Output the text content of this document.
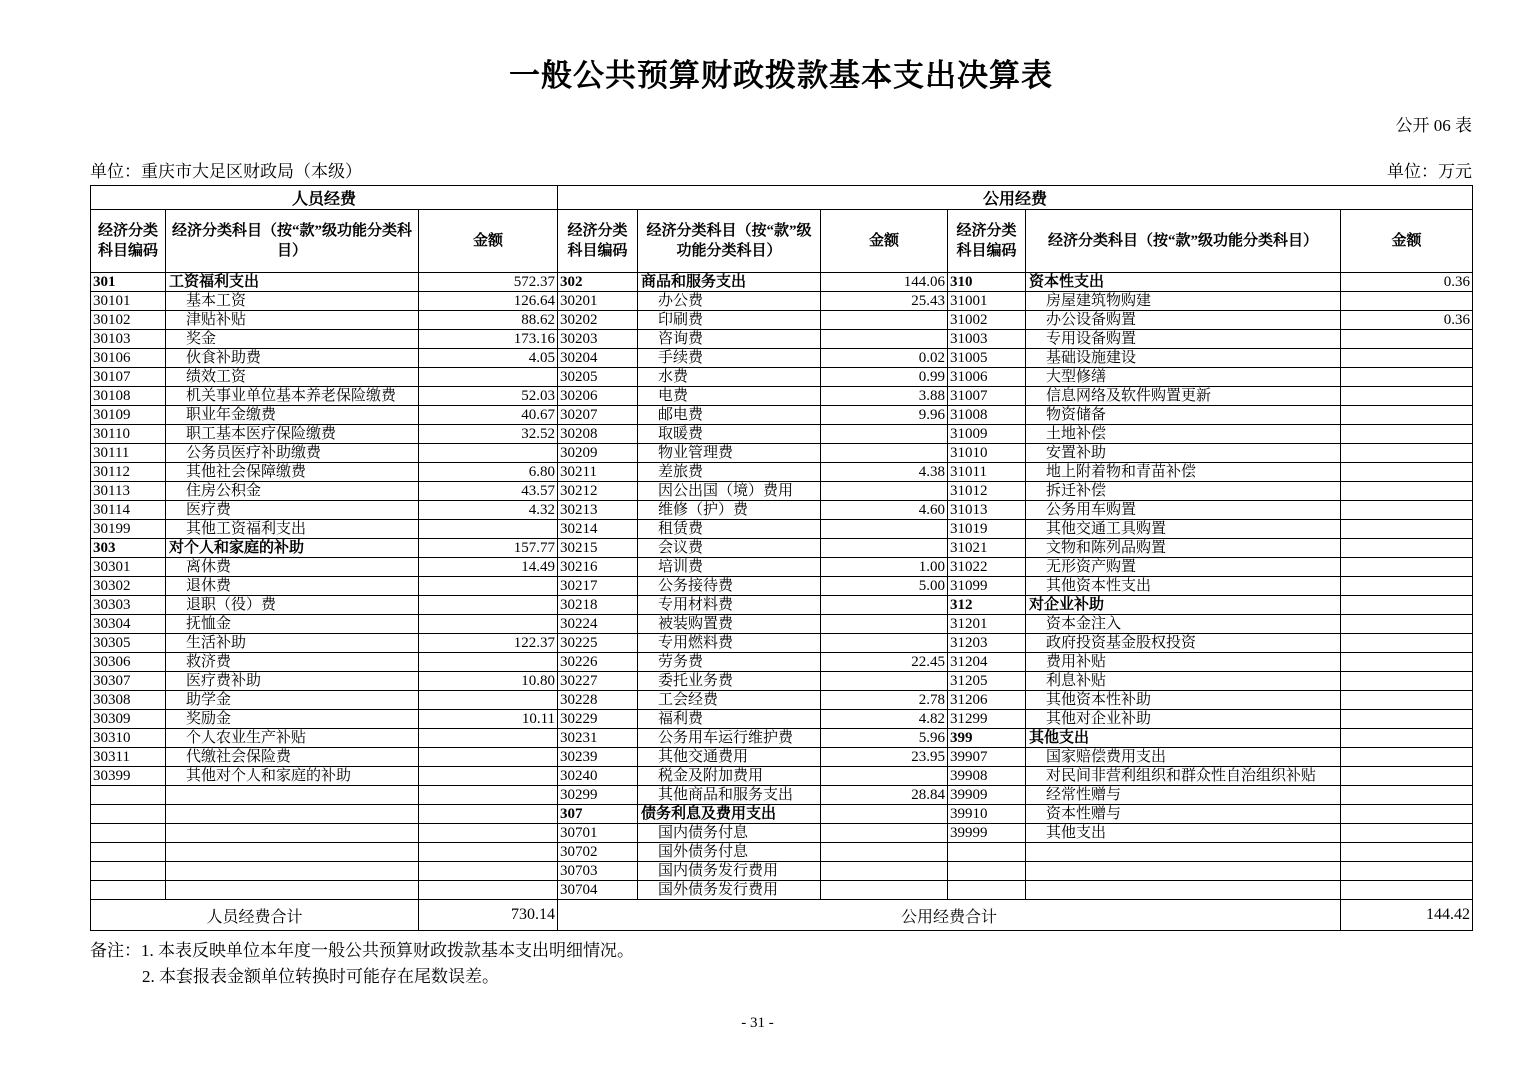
一般公共预算财政拨款基本支出决算表
公开 06 表
单位：重庆市大足区财政局（本级）	单位：万元
人员经费			公用经费					
经济分类科目编码	经济分类科目（按“款”级功能分类科目）	金额	经济分类科目编码	经济分类科目（按“款”级功能分类科目）	金额	经济分类科目编码	经济分类科目（按“款”级功能分类科目）	金额
301	工资福利支出	572.37	302	商品和服务支出	144.06	310	资本性支出	0.36
30101	基本工资	126.64	30201	办公费	25.43	31001	房屋建筑物购建	
30102	津贴补贴	88.62	30202	印刷费		31002	办公设备购置	0.36
30103	奖金	173.16	30203	咨询费		31003	专用设备购置	
30106	伙食补助费	4.05	30204	手续费	0.02	31005	基础设施建设	
30107	绩效工资		30205	水费	0.99	31006	大型修缮	
30108	机关事业单位基本养老保险缴费	52.03	30206	电费	3.88	31007	信息网络及软件购置更新	
30109	职业年金缴费	40.67	30207	邮电费	9.96	31008	物资储备	
30110	职工基本医疗保险缴费	32.52	30208	取暖费		31009	土地补偿	
30111	公务员医疗补助缴费		30209	物业管理费		31010	安置补助	
30112	其他社会保障缴费	6.80	30211	差旅费	4.38	31011	地上附着物和青苗补偿	
30113	住房公积金	43.57	30212	因公出国（境）费用		31012	拆迁补偿	
30114	医疗费	4.32	30213	维修（护）费	4.60	31013	公务用车购置	
30199	其他工资福利支出		30214	租赁费		31019	其他交通工具购置	
303	对个人和家庭的补助	157.77	30215	会议费		31021	文物和陈列品购置	
30301	离休费	14.49	30216	培训费	1.00	31022	无形资产购置	
30302	退休费		30217	公务接待费	5.00	31099	其他资本性支出	
30303	退职（役）费		30218	专用材料费		312	对企业补助	
30304	抚恤金		30224	被装购置费		31201	资本金注入	
30305	生活补助	122.37	30225	专用燃料费		31203	政府投资基金股权投资	
30306	救济费		30226	劳务费	22.45	31204	费用补贴	
30307	医疗费补助	10.80	30227	委托业务费		31205	利息补贴	
30308	助学金		30228	工会经费	2.78	31206	其他资本性补助	
30309	奖励金	10.11	30229	福利费	4.82	31299	其他对企业补助	
30310	个人农业生产补贴		30231	公务用车运行维护费	5.96	399	其他支出	
30311	代缴社会保险费		30239	其他交通费用	23.95	39907	国家赔偿费用支出	
30399	其他对个人和家庭的补助		30240	税金及附加费用		39908	对民间非营利组织和群众性自治组织补贴	
			30299	其他商品和服务支出	28.84	39909	经常性赠与	
			307	债务利息及费用支出		39910	资本性赠与	
			30701	国内债务付息		39999	其他支出	
			30702	国外债务付息				
			30703	国内债务发行费用				
			30704	国外债务发行费用				
人员经费合计		730.14	公用经费合计					144.42
备注：1. 本表反映单位本年度一般公共预算财政拨款基本支出明细情况。
2. 本套报表金额单位转换时可能存在尾数误差。
- 31 -
